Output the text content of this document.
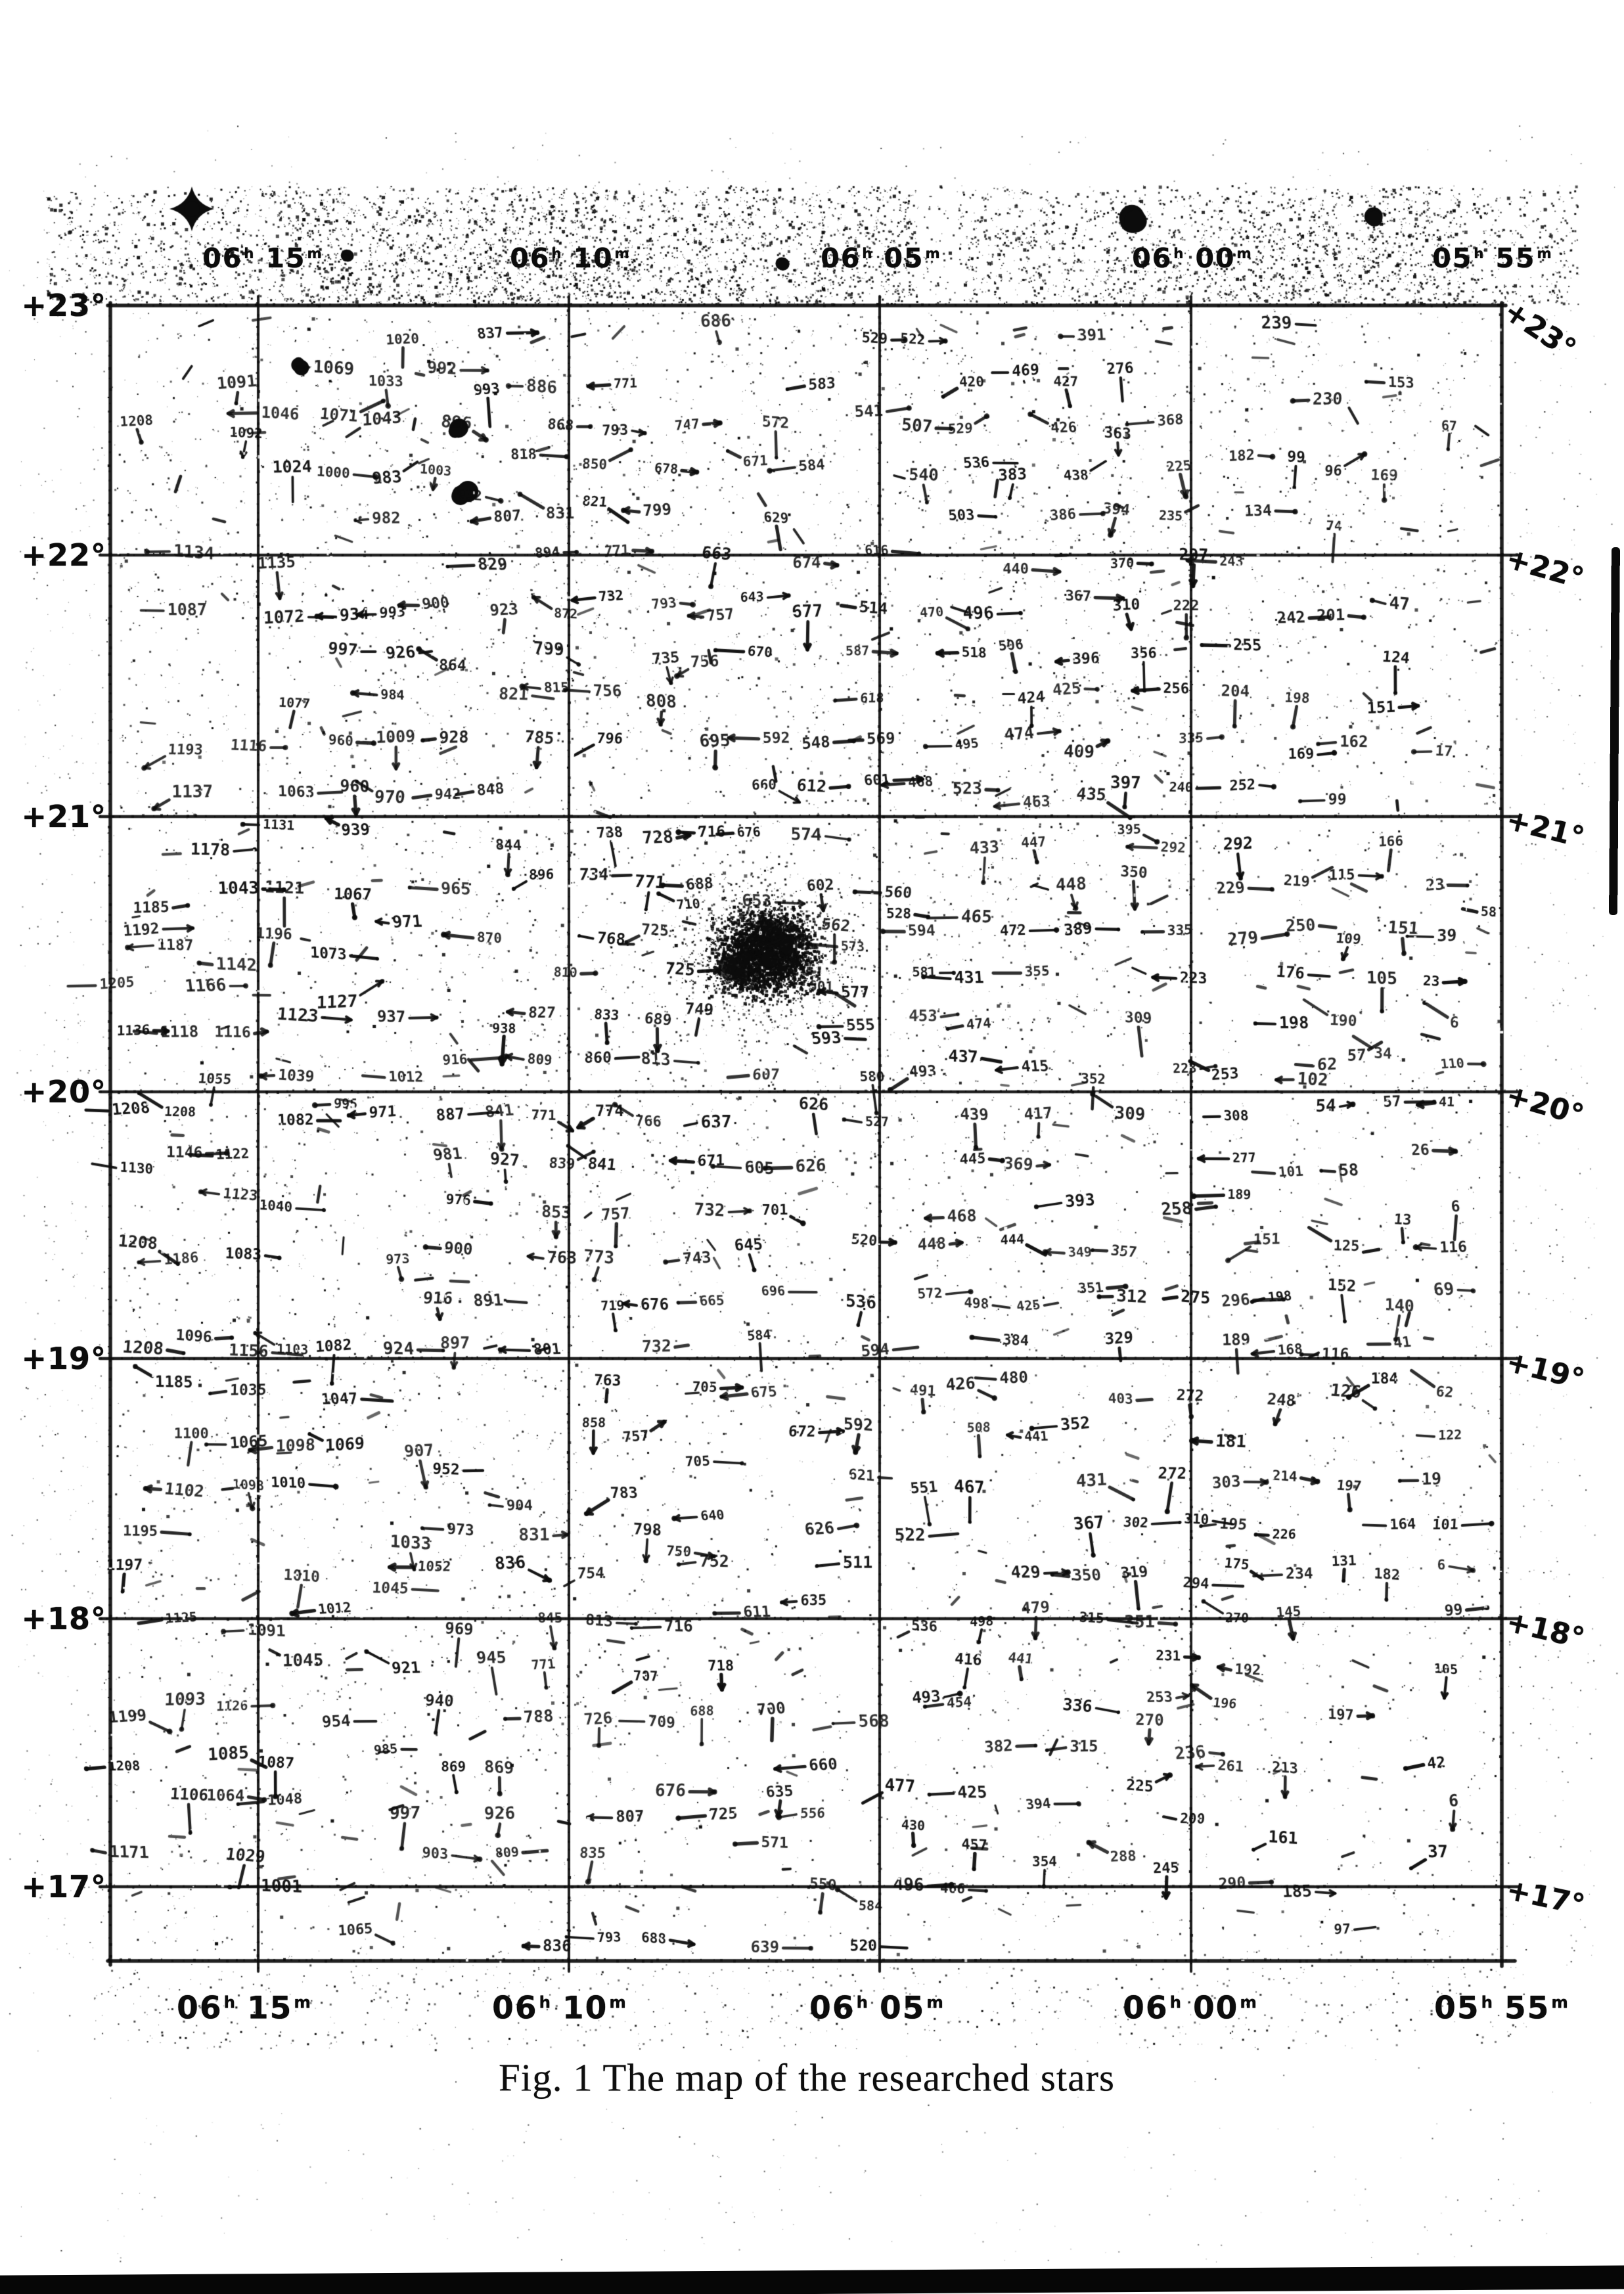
06$^h$ 15$^m$	06$^h$ 10$^m$	06$^h$ 05$^m$	06$^h$ 00$^m$	05$^h$ 55$^m$
06$^h$ 15$^m$	06$^h$ 10$^m$	06$^h$ 05$^m$	06$^h$ 00$^m$	05$^h$ $55^m$
+23°
+22°
+21°
+20°
+19°
+18°
+17°
+23°
+22°
+21°
+20°
+19°
+18°
+17°
Fig. 1 The map of the researched stars
